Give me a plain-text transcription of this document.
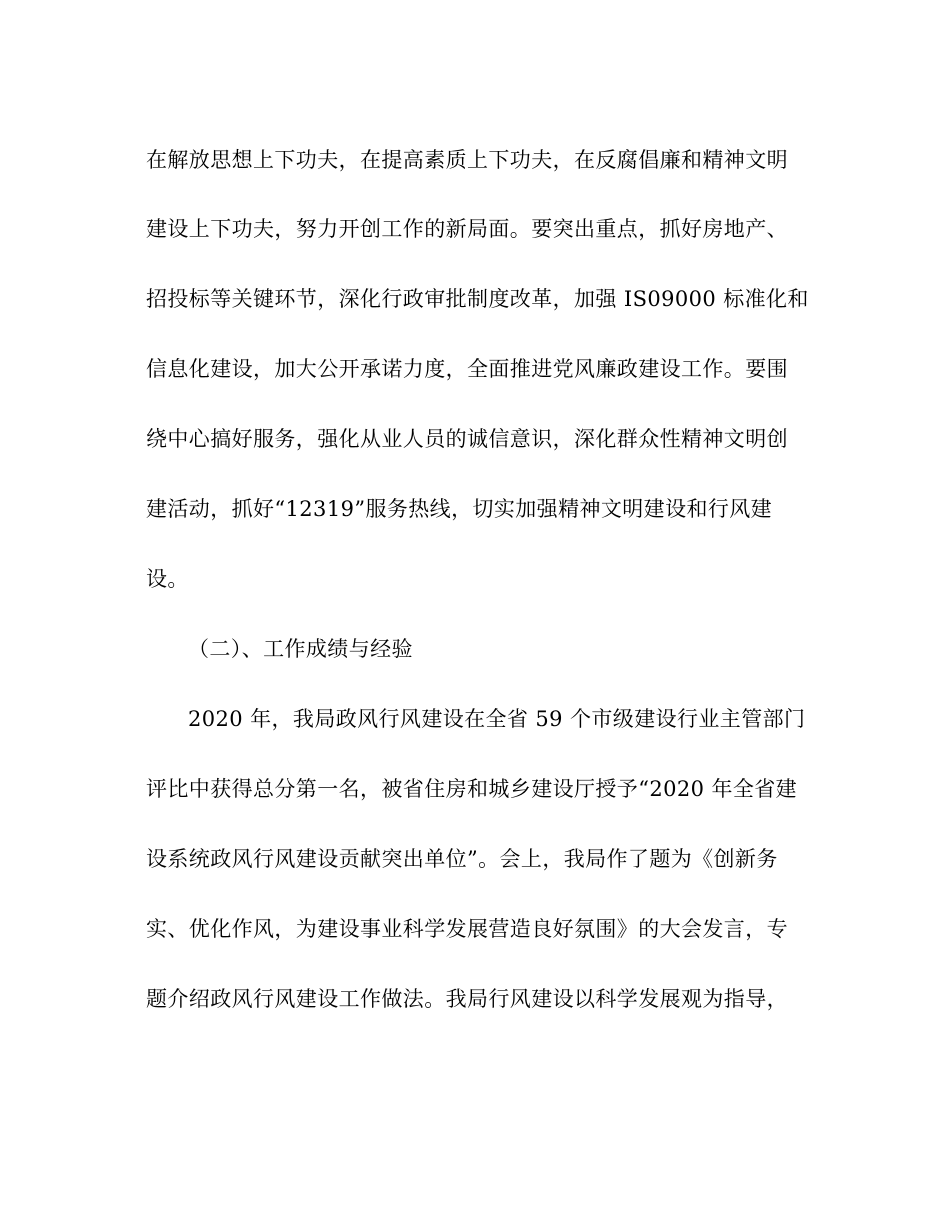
在解放思想上下功夫，在提高素质上下功夫，在反腐倡廉和精神文明
建设上下功夫，努力开创工作的新局面。要突出重点，抓好房地产、
招投标等关键环节，深化行政审批制度改革，加强 IS09000 标准化和
信息化建设，加大公开承诺力度，全面推进党风廉政建设工作。要围
绕中心搞好服务，强化从业人员的诚信意识，深化群众性精神文明创
建活动，抓好“12319”服务热线，切实加强精神文明建设和行风建
设。
（二）、工作成绩与经验
2020 年，我局政风行风建设在全省 59 个市级建设行业主管部门
评比中获得总分第一名，被省住房和城乡建设厅授予“2020 年全省建
设系统政风行风建设贡献突出单位”。会上，我局作了题为《创新务
实、优化作风，为建设事业科学发展营造良好氛围》的大会发言，专
题介绍政风行风建设工作做法。我局行风建设以科学发展观为指导，
